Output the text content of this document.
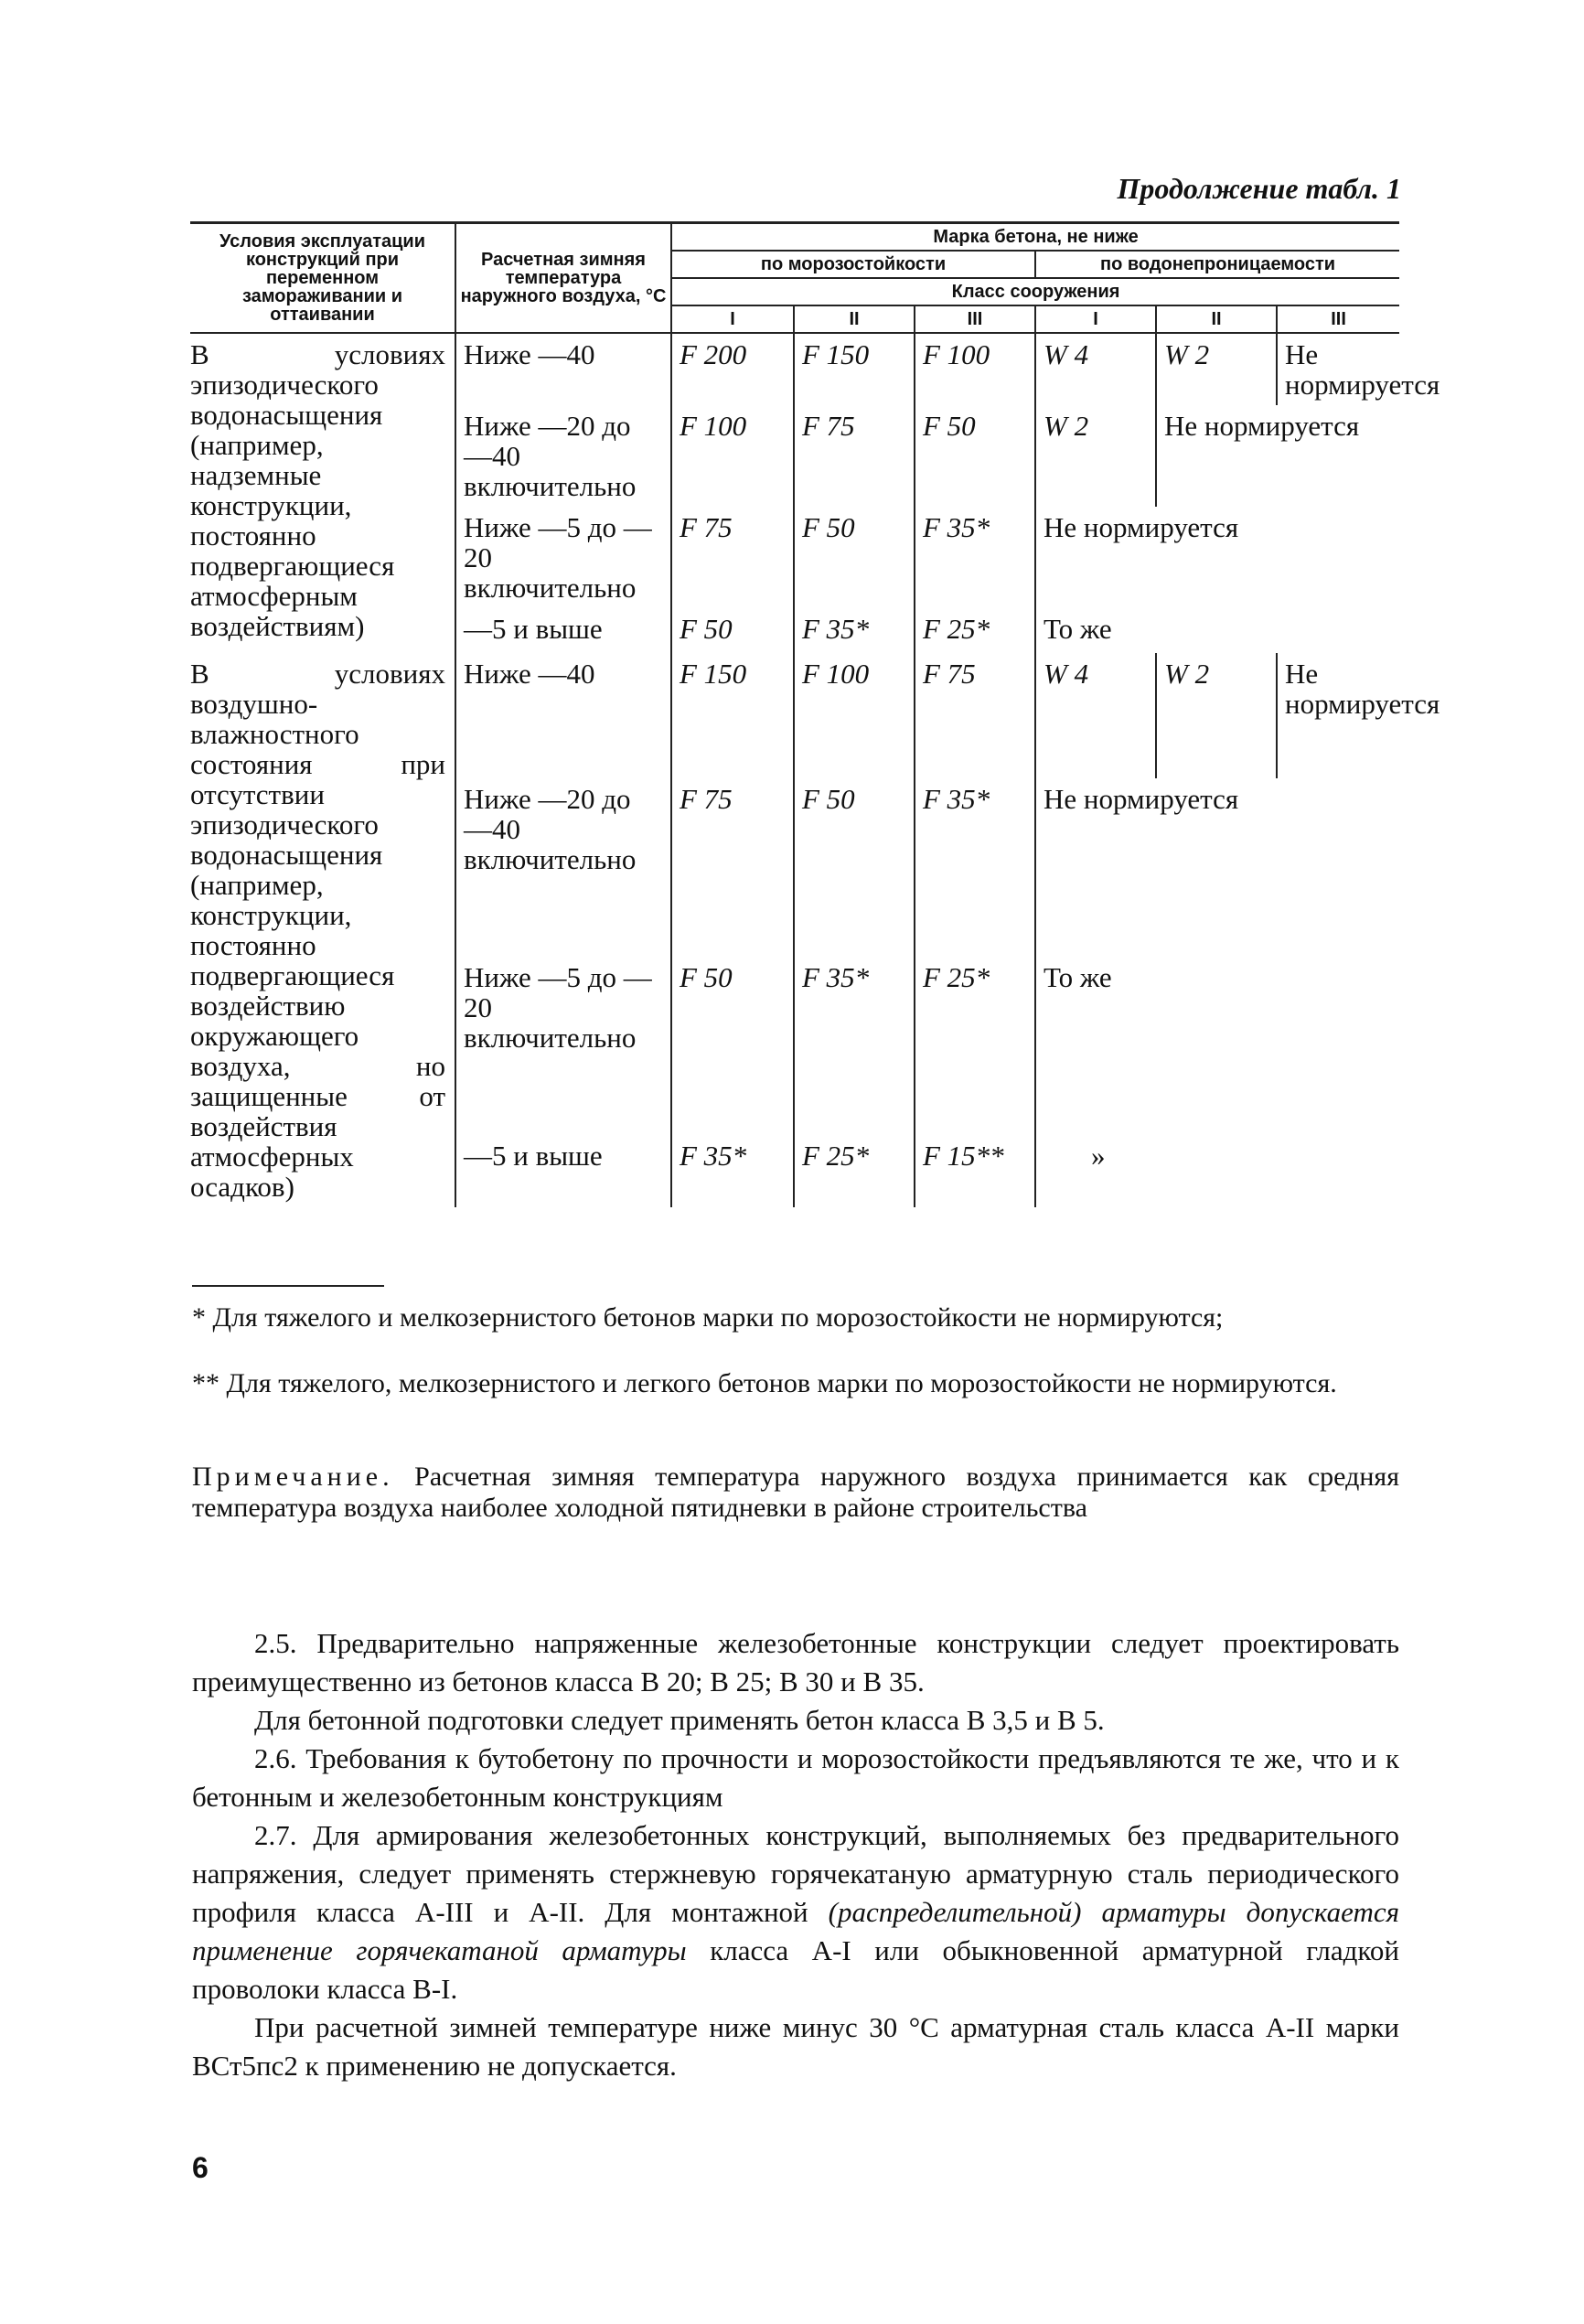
Продолжение табл. 1
Условия эксплуатации конструкций при переменном замораживании и оттаивании	Расчетная зимняя температура наружного воздуха, °С	Марка бетона, не ниже					
		по морозостойкости			по водонепроницаемости		
		Класс сооружения					
		I	II	III	I	II	III
В условиях эпизодического водонасыщения (например, надземные конструкции, постоянно подвергающиеся атмосферным воздействиям)	Ниже —40	F 200	F 150	F 100	W 4	W 2	Не нормируется
	Ниже —20 до —40 включительно	F 100	F 75	F 50	W 2	Не нормируется	
	Ниже —5 до —20 включительно	F 75	F 50	F 35*	Не нормируется		
	—5 и выше	F 50	F 35*	F 25*	То же		
В условиях воздушно-влажностного состояния при отсутствии эпизодического водонасыщения (например, конструкции, постоянно подвергающиеся воздействию окружающего воздуха, но защищенные от воздействия атмосферных осадков)	Ниже —40	F 150	F 100	F 75	W 4	W 2	Не нормируется
	Ниже —20 до —40 включительно	F 75	F 50	F 35*	Не нормируется		
	Ниже —5 до —20 включительно	F 50	F 35*	F 25*	То же		
	—5 и выше	F 35*	F 25*	F 15**	»		
* Для тяжелого и мелкозернистого бетонов марки по морозостойкости не нормируются;
** Для тяжелого, мелкозернистого и легкого бетонов марки по морозостойкости не нормируются.
Примечание. Расчетная зимняя температура наружного воздуха принимается как средняя температура воздуха наиболее холодной пятидневки в районе строительства

2.5. Предварительно напряженные железобетонные конструкции следует проектировать преимущественно из бетонов класса В 20; В 25; В 30 и В 35.

Для бетонной подготовки следует применять бетон класса В 3,5 и В 5.

2.6. Требования к бутобетону по прочности и морозостойкости предъявляются те же, что и к бетонным и железобетонным конструкциям

2.7. Для армирования железобетонных конструкций, выполняемых без предварительного напряжения, следует применять стержневую горячекатаную арматурную сталь периодического профиля класса А-III и А-II. Для монтажной (распределительной) арматуры допускается применение горячекатаной арматуры класса А-I или обыкновенной арматурной гладкой проволоки класса В-I.

При расчетной зимней температуре ниже минус 30 °С арматурная сталь класса А-II марки ВСт5пс2 к применению не допускается.

6
